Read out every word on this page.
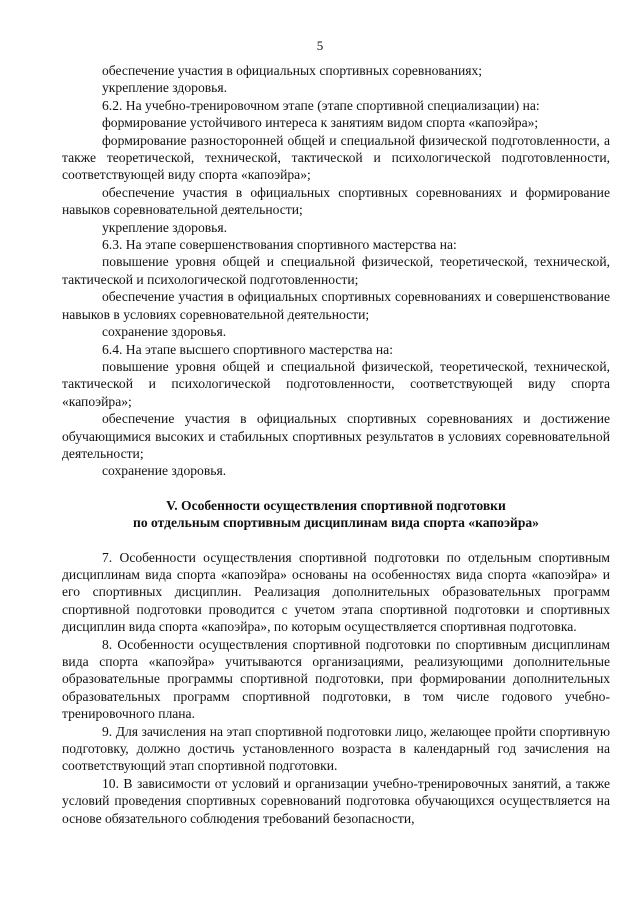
5

обеспечение участия в официальных спортивных соревнованиях;

укрепление здоровья.

6.2. На учебно-тренировочном этапе (этапе спортивной специализации) на:

формирование устойчивого интереса к занятиям видом спорта «капоэйра»;

формирование разносторонней общей и специальной физической подготовленности, а также теоретической, технической, тактической и психологической подготовленности, соответствующей виду спорта «капоэйра»;

обеспечение участия в официальных спортивных соревнованиях и формирование навыков соревновательной деятельности;

укрепление здоровья.

6.3. На этапе совершенствования спортивного мастерства на:

повышение уровня общей и специальной физической, теоретической, технической, тактической и психологической подготовленности;

обеспечение участия в официальных спортивных соревнованиях и совершенствование навыков в условиях соревновательной деятельности;

сохранение здоровья.

6.4. На этапе высшего спортивного мастерства на:

повышение уровня общей и специальной физической, теоретической, технической, тактической и психологической подготовленности, соответствующей виду спорта «капоэйра»;

обеспечение участия в официальных спортивных соревнованиях и достижение обучающимися высоких и стабильных спортивных результатов в условиях соревновательной деятельности;

сохранение здоровья.

V. Особенности осуществления спортивной подготовки

по отдельным спортивным дисциплинам вида спорта «капоэйра»

7. Особенности осуществления спортивной подготовки по отдельным спортивным дисциплинам вида спорта «капоэйра» основаны на особенностях вида спорта «капоэйра» и его спортивных дисциплин. Реализация дополнительных образовательных программ спортивной подготовки проводится с учетом этапа спортивной подготовки и спортивных дисциплин вида спорта «капоэйра», по которым осуществляется спортивная подготовка.

8. Особенности осуществления спортивной подготовки по спортивным дисциплинам вида спорта «капоэйра» учитываются организациями, реализующими дополнительные образовательные программы спортивной подготовки, при формировании дополнительных образовательных программ спортивной подготовки, в том числе годового учебно-тренировочного плана.

9. Для зачисления на этап спортивной подготовки лицо, желающее пройти спортивную подготовку, должно достичь установленного возраста в календарный год зачисления на соответствующий этап спортивной подготовки.

10. В зависимости от условий и организации учебно-тренировочных занятий, а также условий проведения спортивных соревнований подготовка обучающихся осуществляется на основе обязательного соблюдения требований безопасности,
